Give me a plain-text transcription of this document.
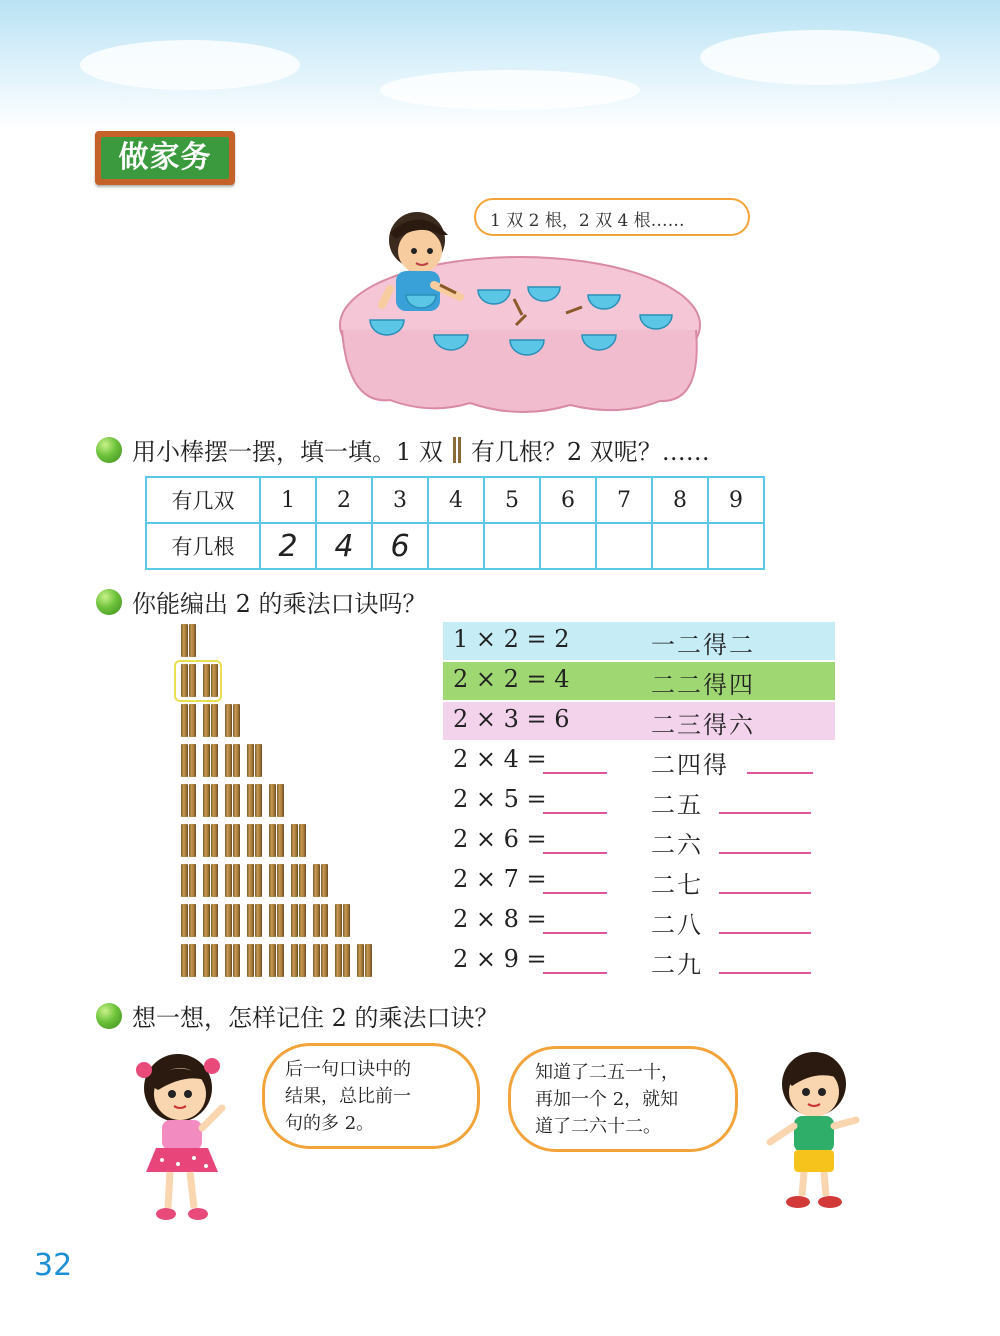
做家务
1 双 2 根，2 双 4 根……
用小棒摆一摆，填一填。1 双 有几根？2 双呢？……
有几双	1	2	3	4	5	6	7	8	9
有几根	2	4	6						
你能编出 2 的乘法口诀吗？
1 × 2 = 2	一二得二
2 × 2 = 4	二二得四
2 × 3 = 6	二三得六
2 × 4 =	二四得
2 × 5 =	二五
2 × 6 =	二六
2 × 7 =	二七
2 × 8 =	二八
2 × 9 =	二九
想一想，怎样记住 2 的乘法口诀？
后一句口诀中的
结果，总比前一
句的多 2。
知道了二五一十，
再加一个 2，就知
道了二六十二。
32
